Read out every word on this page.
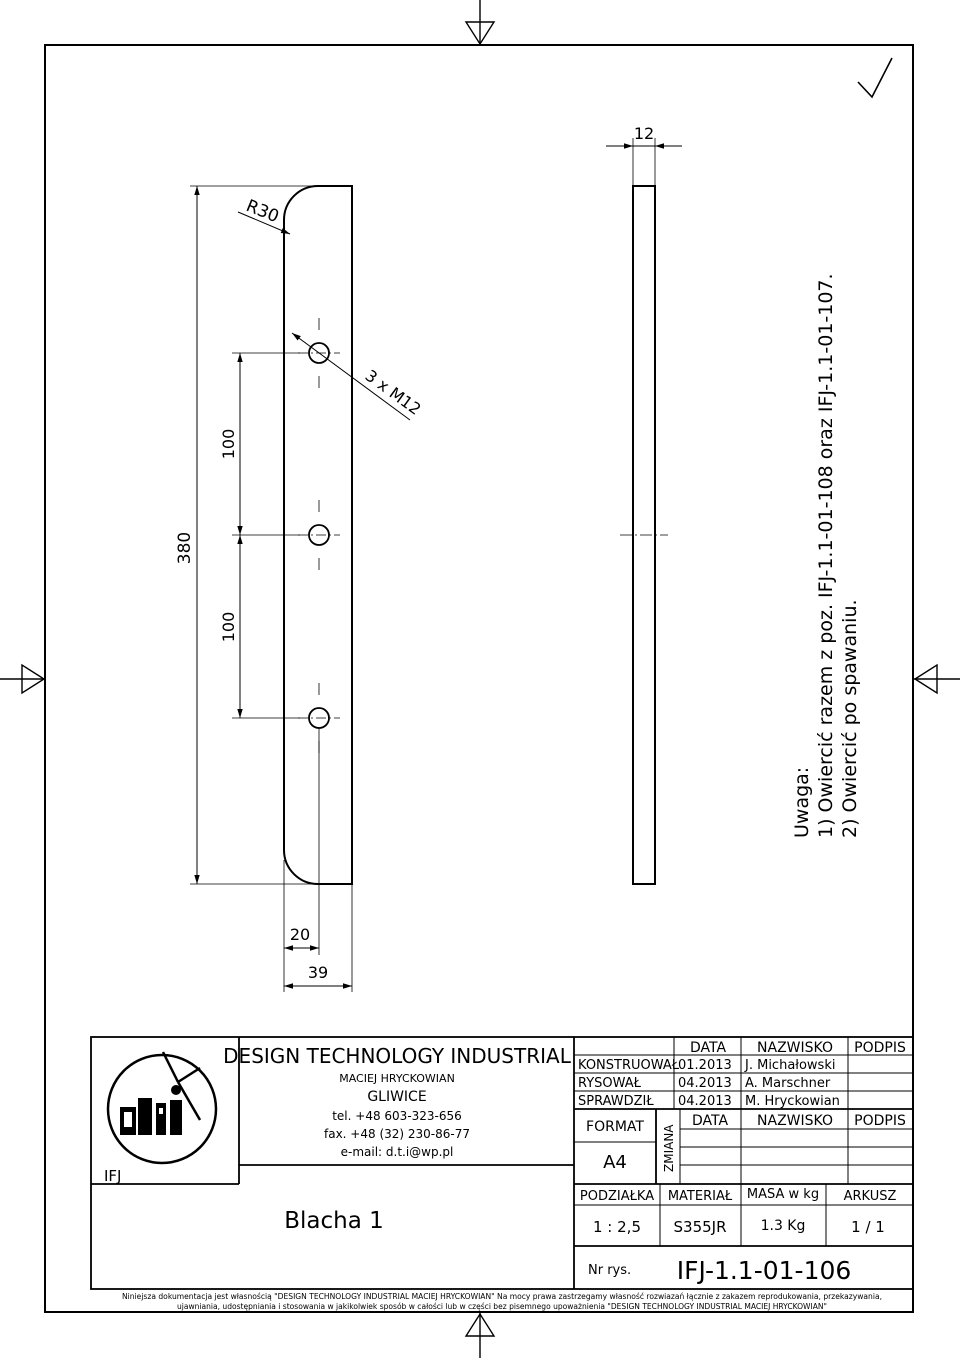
380
100
100
20
39
R30
3 x M12
12
Uwaga: 1) Owiercić razem z poz. IFJ-1.1-01-108 oraz IFJ-1.1-01-107. 2) Owiercić po spawaniu.
DESIGN TECHNOLOGY INDUSTRIAL
MACIEJ HRYCKOWIAN
GLIWICE
tel. +48 603-323-656
fax. +48 (32) 230-86-77
e-mail: d.t.i@wp.pl
IFJ
Blacha 1
DATA NAZWISKO PODPIS
KONSTRUOWAŁ
01.2013 J. Michałowski
RYSOWAŁ	04.2013 A. Marschner
SPRAWDZIŁ 04.2013 M. Hryckowian
FORMAT
A4	ZMIANA
DATA NAZWISKO PODPIS
PODZIAŁKA
1 : 2,5
MATERIAŁ
S355JR
MASA w kg
1.3 Kg
ARKUSZ
1 / 1
Nr rys. IFJ-1.1-01-106
Niniejsza dokumentacja jest własnością "DESIGN TECHNOLOGY INDUSTRIAL MACIEJ HRYCKOWIAN" Na mocy prawa zastrzegamy własność rozwiazań łącznie z zakazem reprodukowania, przekazywania,
ujawniania, udostępniania i stosowania w jakikolwiek sposób w całości lub w części bez pisemnego upoważnienia "DESIGN TECHNOLOGY INDUSTRIAL MACIEJ HRYCKOWIAN"
